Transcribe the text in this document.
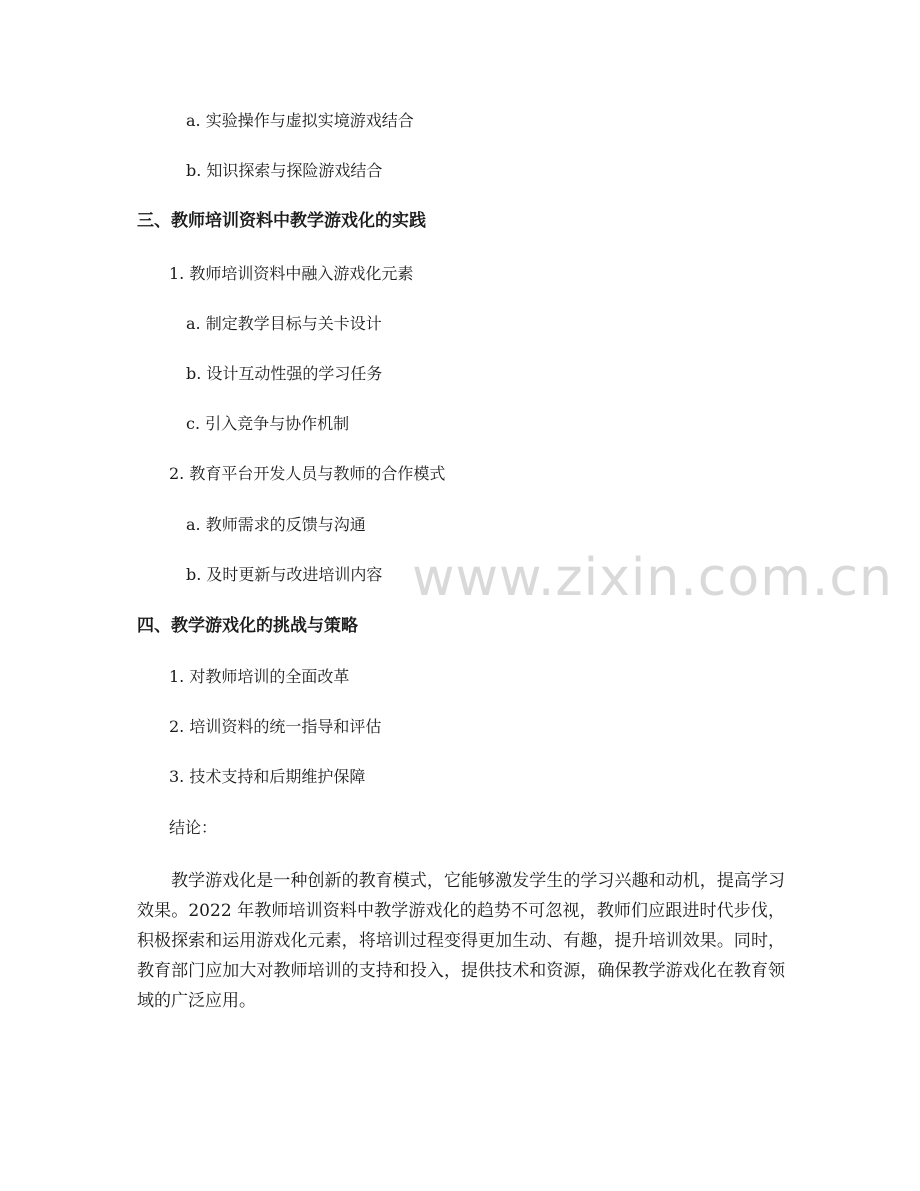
www.zixin.com.cn
a. 实验操作与虚拟实境游戏结合
b. 知识探索与探险游戏结合
三、教师培训资料中教学游戏化的实践
1. 教师培训资料中融入游戏化元素
a. 制定教学目标与关卡设计
b. 设计互动性强的学习任务
c. 引入竞争与协作机制
2. 教育平台开发人员与教师的合作模式
a. 教师需求的反馈与沟通
b. 及时更新与改进培训内容
四、教学游戏化的挑战与策略
1. 对教师培训的全面改革
2. 培训资料的统一指导和评估
3. 技术支持和后期维护保障
结论：
教学游戏化是一种创新的教育模式，它能够激发学生的学习兴趣和动机，提高学习效果。2022 年教师培训资料中教学游戏化的趋势不可忽视，教师们应跟进时代步伐，积极探索和运用游戏化元素，将培训过程变得更加生动、有趣，提升培训效果。同时，教育部门应加大对教师培训的支持和投入，提供技术和资源，确保教学游戏化在教育领域的广泛应用。
